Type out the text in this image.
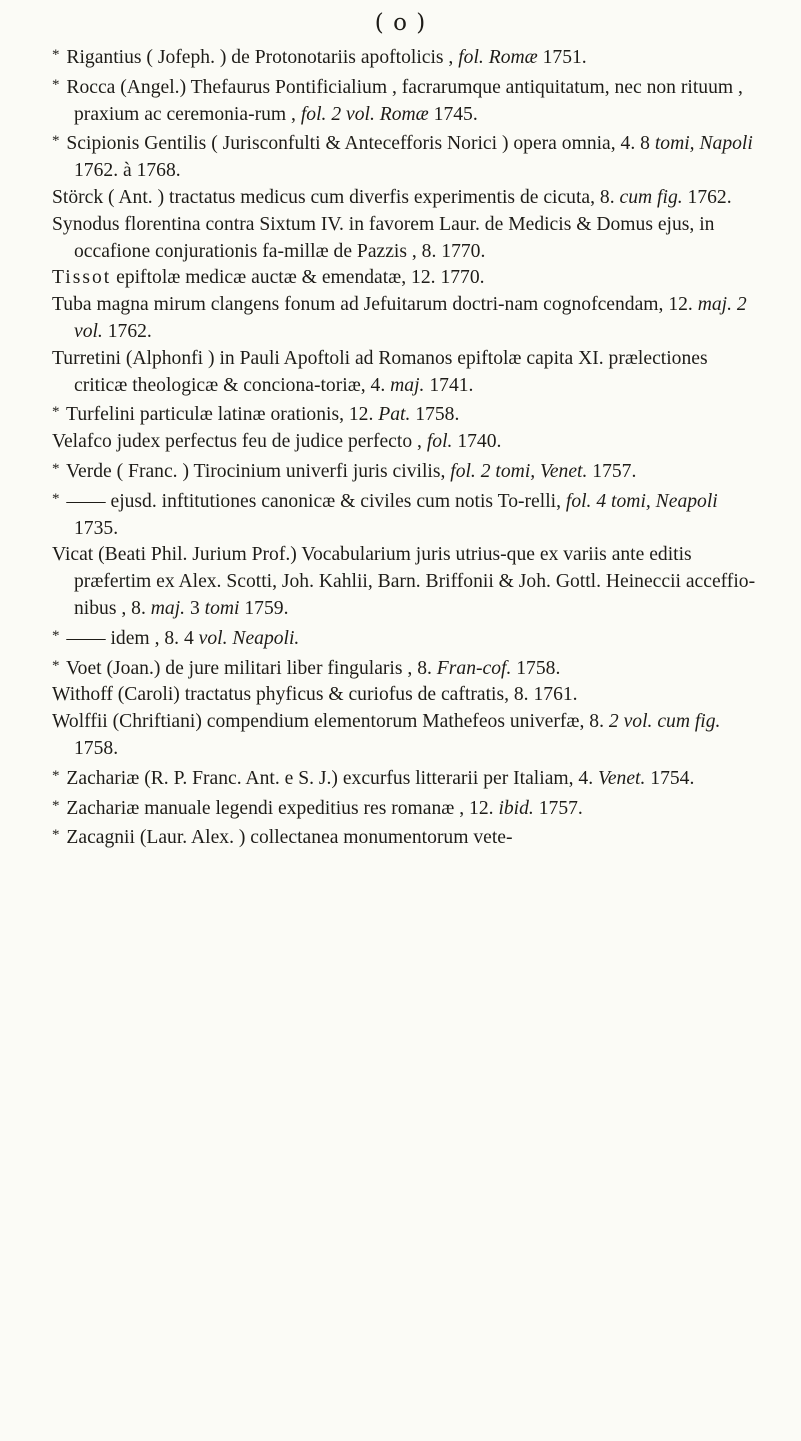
( o )

* Rigantius ( Jofeph. ) de Protonotariis apoftolicis , fol. Romæ 1751.

* Rocca (Angel.) Thefaurus Pontificialium , facrarumque antiquitatum, nec non rituum , praxium ac ceremonia-rum , fol. 2 vol. Romæ 1745.

* Scipionis Gentilis ( Jurisconfulti & Antecefforis Norici ) opera omnia, 4. 8 tomi, Napoli 1762. à 1768.

Störck ( Ant. ) tractatus medicus cum diverfis experimentis de cicuta, 8. cum fig. 1762.

Synodus florentina contra Sixtum IV. in favorem Laur. de Medicis & Domus ejus, in occafione conjurationis fa-millæ de Pazzis , 8. 1770.

Tissot epiftolæ medicæ auctæ & emendatæ, 12. 1770.

Tuba magna mirum clangens fonum ad Jefuitarum doctri-nam cognofcendam, 12. maj. 2 vol. 1762.

Turretini (Alphonfi ) in Pauli Apoftoli ad Romanos epiftolæ capita XI. prælectiones criticæ theologicæ & conciona-toriæ, 4. maj. 1741.

* Turfelini particulæ latinæ orationis, 12. Pat. 1758.

Velafco judex perfectus feu de judice perfecto , fol. 1740.

* Verde ( Franc. ) Tirocinium univerfi juris civilis, fol. 2 tomi, Venet. 1757.

* —— ejusd. inftitutiones canonicæ & civiles cum notis To-relli, fol. 4 tomi, Neapoli 1735.

Vicat (Beati Phil. Jurium Prof.) Vocabularium juris utrius-que ex variis ante editis præfertim ex Alex. Scotti, Joh. Kahlii, Barn. Briffonii & Joh. Gottl. Heineccii acceffio-nibus , 8. maj. 3 tomi 1759.

* —— idem , 8. 4 vol. Neapoli.

* Voet (Joan.) de jure militari liber fingularis , 8. Fran-cof. 1758.

Withoff (Caroli) tractatus phyficus & curiofus de caftratis, 8. 1761.

Wolffii (Chriftiani) compendium elementorum Mathefeos univerfæ, 8. 2 vol. cum fig. 1758.

* Zachariæ (R. P. Franc. Ant. e S. J.) excurfus litterarii per Italiam, 4. Venet. 1754.

* Zachariæ manuale legendi expeditius res romanæ , 12. ibid. 1757.

* Zacagnii (Laur. Alex. ) collectanea monumentorum vete-
